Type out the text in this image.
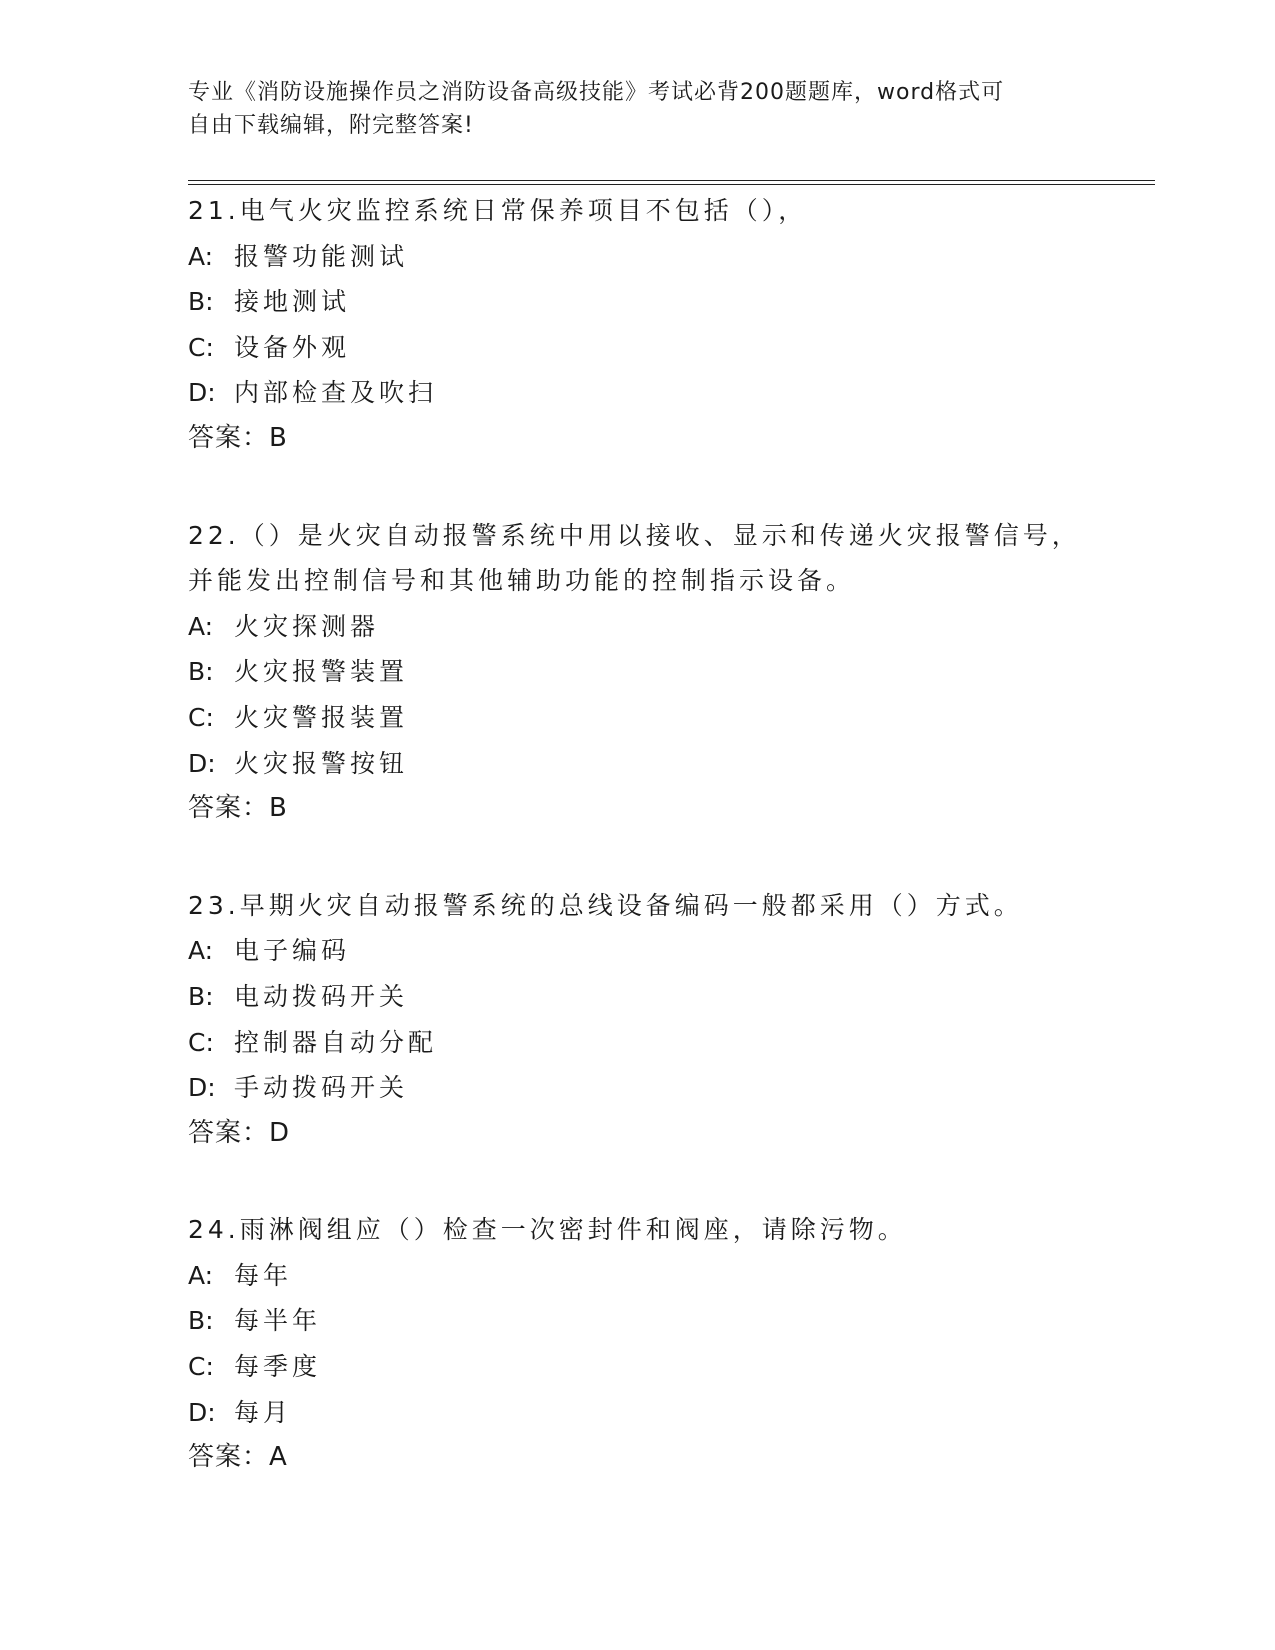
专业《消防设施操作员之消防设备高级技能》考试必背200题题库，word格式可
自由下载编辑，附完整答案!
21.电气火灾监控系统日常保养项目不包括（），
A: 报警功能测试
B: 接地测试
C: 设备外观
D: 内部检查及吹扫
答案：B
22.（）是火灾自动报警系统中用以接收、显示和传递火灾报警信号，
并能发出控制信号和其他辅助功能的控制指示设备。
A: 火灾探测器
B: 火灾报警装置
C: 火灾警报装置
D: 火灾报警按钮
答案：B
23.早期火灾自动报警系统的总线设备编码一般都采用（）方式。
A: 电子编码
B: 电动拨码开关
C: 控制器自动分配
D: 手动拨码开关
答案：D
24.雨淋阀组应（）检查一次密封件和阀座，请除污物。
A: 每年
B: 每半年
C: 每季度
D: 每月
答案：A
